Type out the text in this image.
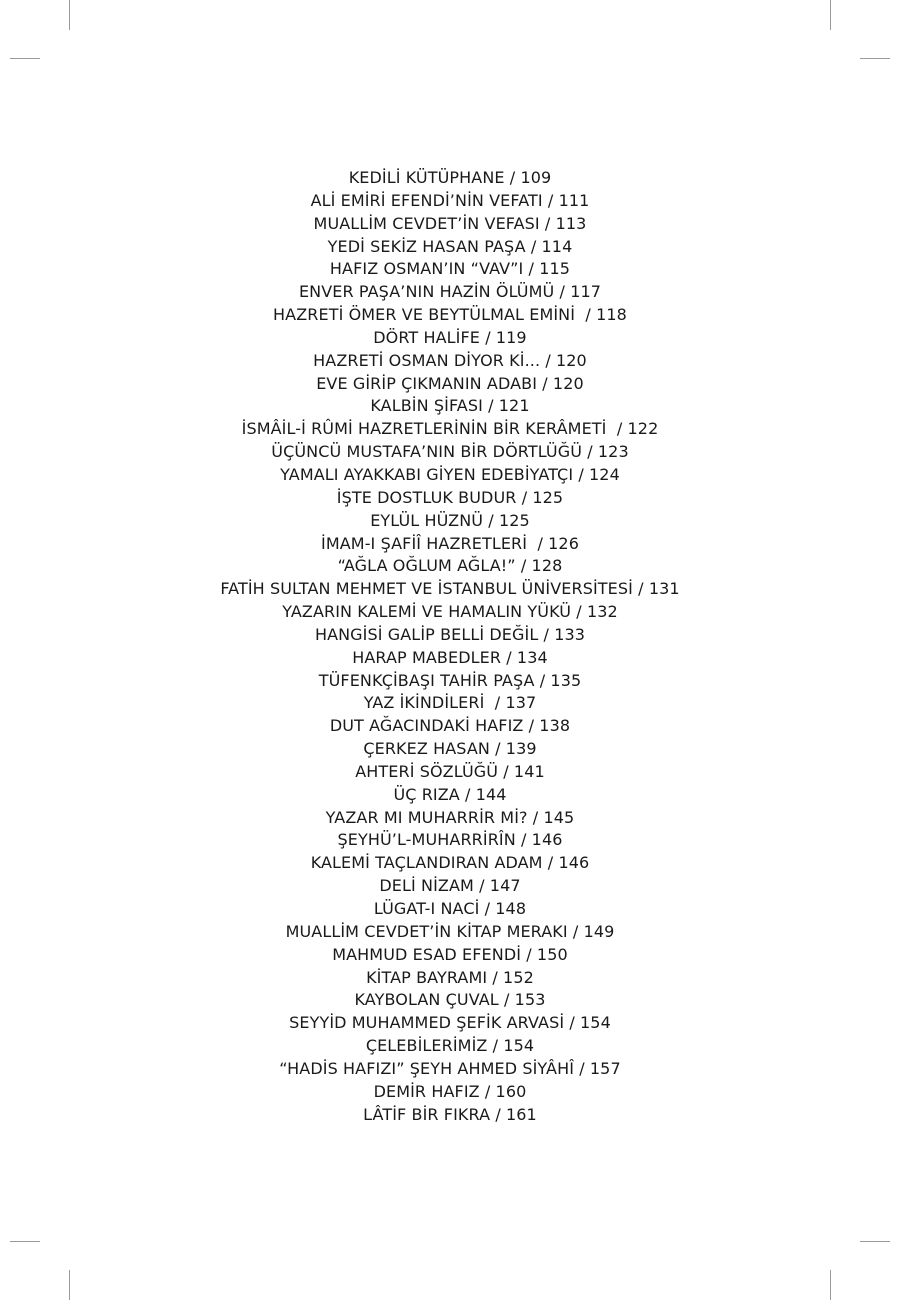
KEDİLİ KÜTÜPHANE / 109
ALİ EMİRİ EFENDİ’NİN VEFATI / 111
MUALLİM CEVDET’İN VEFASI / 113
YEDİ SEKİZ HASAN PAŞA / 114
HAFIZ OSMAN’IN “VAV”I / 115
ENVER PAŞA’NIN HAZİN ÖLÜMÜ / 117
HAZRETİ ÖMER VE BEYTÜLMAL EMİNİ  / 118
DÖRT HALİFE / 119
HAZRETİ OSMAN DİYOR Kİ... / 120
EVE GİRİP ÇIKMANIN ADABI / 120
KALBİN ŞİFASI / 121
İSMÂİL-İ RÛMİ HAZRETLERİNİN BİR KERÂMETİ  / 122
ÜÇÜNCÜ MUSTAFA’NIN BİR DÖRTLÜĞÜ / 123
YAMALI AYAKKABI GİYEN EDEBİYATÇI / 124
İŞTE DOSTLUK BUDUR / 125
EYLÜL HÜZNÜ / 125
İMAM-I ŞAFİÎ HAZRETLERİ  / 126
“AĞLA OĞLUM AĞLA!” / 128
FATİH SULTAN MEHMET VE İSTANBUL ÜNİVERSİTESİ / 131
YAZARIN KALEMİ VE HAMALIN YÜKÜ / 132
HANGİSİ GALİP BELLİ DEĞİL / 133
HARAP MABEDLER / 134
TÜFENKÇİBAŞI TAHİR PAŞA / 135
YAZ İKİNDİLERİ  / 137
DUT AĞACINDAKİ HAFIZ / 138
ÇERKEZ HASAN / 139
AHTERİ SÖZLÜĞÜ / 141
ÜÇ RIZA / 144
YAZAR MI MUHARRİR Mİ? / 145
ŞEYHÜ’L-MUHARRİRÎN / 146
KALEMİ TAÇLANDIRAN ADAM / 146
DELİ NİZAM / 147
LÜGAT-I NACİ / 148
MUALLİM CEVDET’İN KİTAP MERAKI / 149
MAHMUD ESAD EFENDİ / 150
KİTAP BAYRAMI / 152
KAYBOLAN ÇUVAL / 153
SEYYİD MUHAMMED ŞEFİK ARVASİ / 154
ÇELEBİLERİMİZ / 154
“HADİS HAFIZI” ŞEYH AHMED SİYÂHÎ / 157
DEMİR HAFIZ / 160
LÂTİF BİR FIKRA / 161
